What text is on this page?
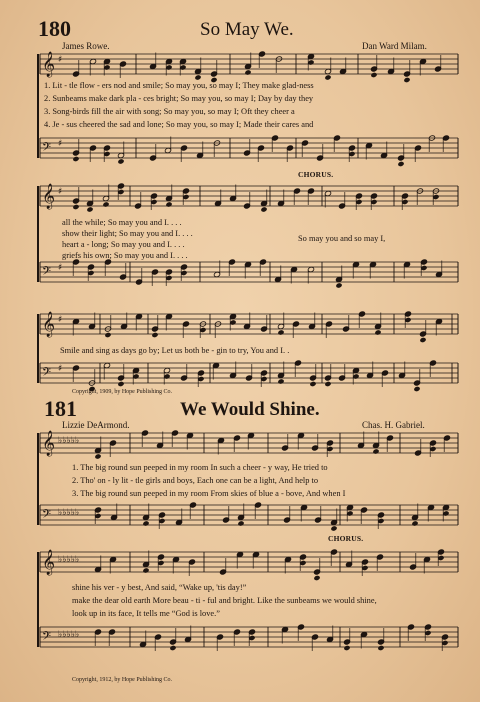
𝄞 ♯
𝄢 ♯
𝄞 ♯
𝄢 ♯
𝄞 ♯
𝄢 ♯
𝄞 ♭♭♭♭♭
𝄢 ♭♭♭♭♭
𝄞 ♭♭♭♭♭
𝄢 ♭♭♭♭♭
180	So May We.

James Rowe.	Dan Ward Milam.
1. Lit - tle flow - ers nod and smile; So may you, so may I; They make glad-ness
2. Sunbeams make dark pla - ces bright; So may you, so may I; Day by day they
3. Song-birds fill the air with song; So may you, so may I; Oft they cheer a
4. Je - sus cheered the sad and lone; So may you, so may I; Made their cares and
CHORUS.
all the while; So may you and I. . . .
show their light; So may you and I. . . .
heart a - long; So may you and I. . . .
griefs his own; So may you and I. . . .
So may you and so may I,
Smile and sing as days go by; Let us both be - gin to try, You and I. .
Copyright, 1909, by Hope Publishing Co.
181	We Would Shine.
Lizzie DeArmond.	Chas. H. Gabriel.
1. The big round sun peeped in my room In such a cheer - y way, He tried to
2. Tho' on - ly lit - tle girls and boys, Each one can be a light, And help to
3. The big round sun peeped in my room From skies of blue a - bove, And when I
CHORUS.
shine his ver - y best, And said, “Wake up, 'tis day!”
make the dear old earth More beau - ti - ful and bright. Like the sunbeams we would shine,
look up in its face, It tells me “God is love.”
Copyright, 1912, by Hope Publishing Co.
